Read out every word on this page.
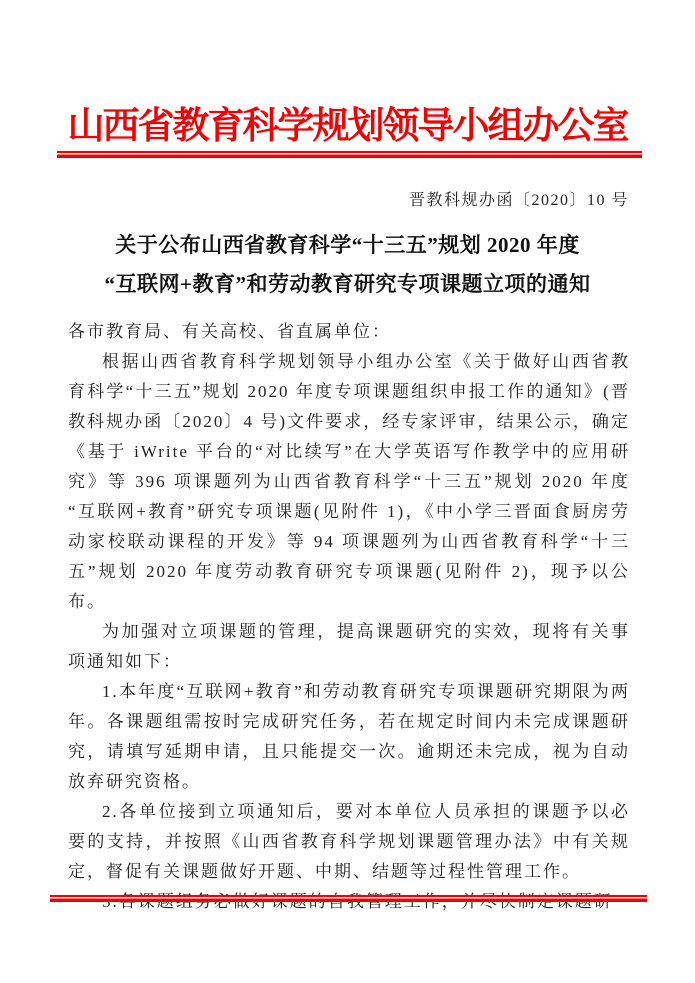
山西省教育科学规划领导小组办公室
晋教科规办函〔2020〕10 号
关于公布山西省教育科学“十三五”规划 2020 年度
“互联网+教育”和劳动教育研究专项课题立项的通知

各市教育局、有关高校、省直属单位：

根据山西省教育科学规划领导小组办公室《关于做好山西省教育科学“十三五”规划 2020 年度专项课题组织申报工作的通知》(晋教科规办函〔2020〕4 号)文件要求，经专家评审，结果公示，确定《基于 iWrite 平台的“对比续写”在大学英语写作教学中的应用研究》等 396 项课题列为山西省教育科学“十三五”规划 2020 年度“互联网+教育”研究专项课题(见附件 1)，《中小学三晋面食厨房劳动家校联动课程的开发》等 94 项课题列为山西省教育科学“十三五”规划 2020 年度劳动教育研究专项课题(见附件 2)，现予以公布。

为加强对立项课题的管理，提高课题研究的实效，现将有关事项通知如下：

1.本年度“互联网+教育”和劳动教育研究专项课题研究期限为两年。各课题组需按时完成研究任务，若在规定时间内未完成课题研究，请填写延期申请，且只能提交一次。逾期还未完成，视为自动放弃研究资格。

2.各单位接到立项通知后，要对本单位人员承担的课题予以必要的支持，并按照《山西省教育科学规划课题管理办法》中有关规定，督促有关课题做好开题、中期、结题等过程性管理工作。
